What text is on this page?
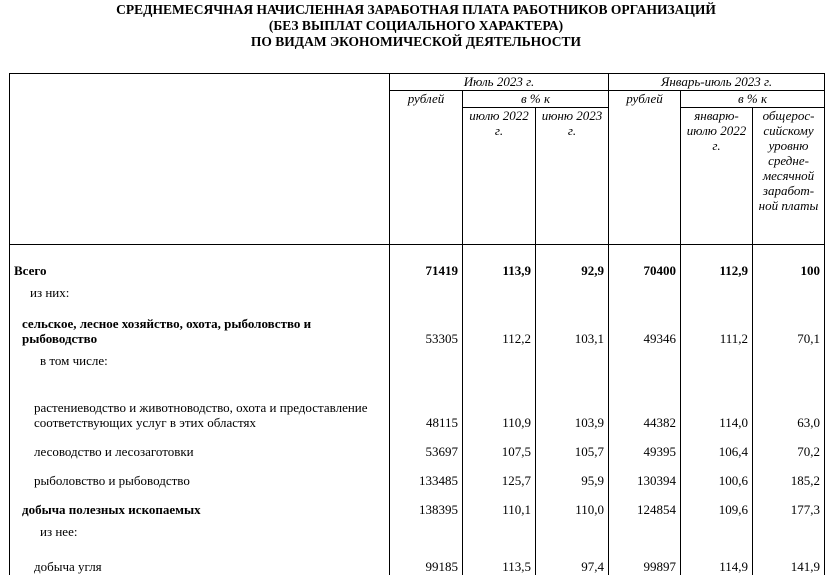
СРЕДНЕМЕСЯЧНАЯ НАЧИСЛЕННАЯ ЗАРАБОТНАЯ ПЛАТА РАБОТНИКОВ ОРГАНИЗАЦИЙ
(БЕЗ ВЫПЛАТ СОЦИАЛЬНОГО ХАРАКТЕРА)
ПО ВИДАМ ЭКОНОМИЧЕСКОЙ ДЕЯТЕЛЬНОСТИ
	Июль 2023 г.			Январь-июль 2023 г.		
	рублей	в % к		рублей	в % к	
		июлю 2022 г.	июню 2023 г.		январю-июлю 2022 г.	общерос-сийскому уровню средне-месячной заработ-ной платы
Всего	71419	113,9	92,9	70400	112,9	100
из них:						
сельское, лесное хозяйство, охота, рыболовство и рыбоводство	53305	112,2	103,1	49346	111,2	70,1
в том числе:						
растениеводство и животноводство, охота и предоставление соответствующих услуг в этих областях	48115	110,9	103,9	44382	114,0	63,0
лесоводство и лесозаготовки	53697	107,5	105,7	49395	106,4	70,2
рыболовство и рыбоводство	133485	125,7	95,9	130394	100,6	185,2
добыча полезных ископаемых	138395	110,1	110,0	124854	109,6	177,3
из нее:						
добыча угля	99185	113,5	97,4	99897	114,9	141,9
